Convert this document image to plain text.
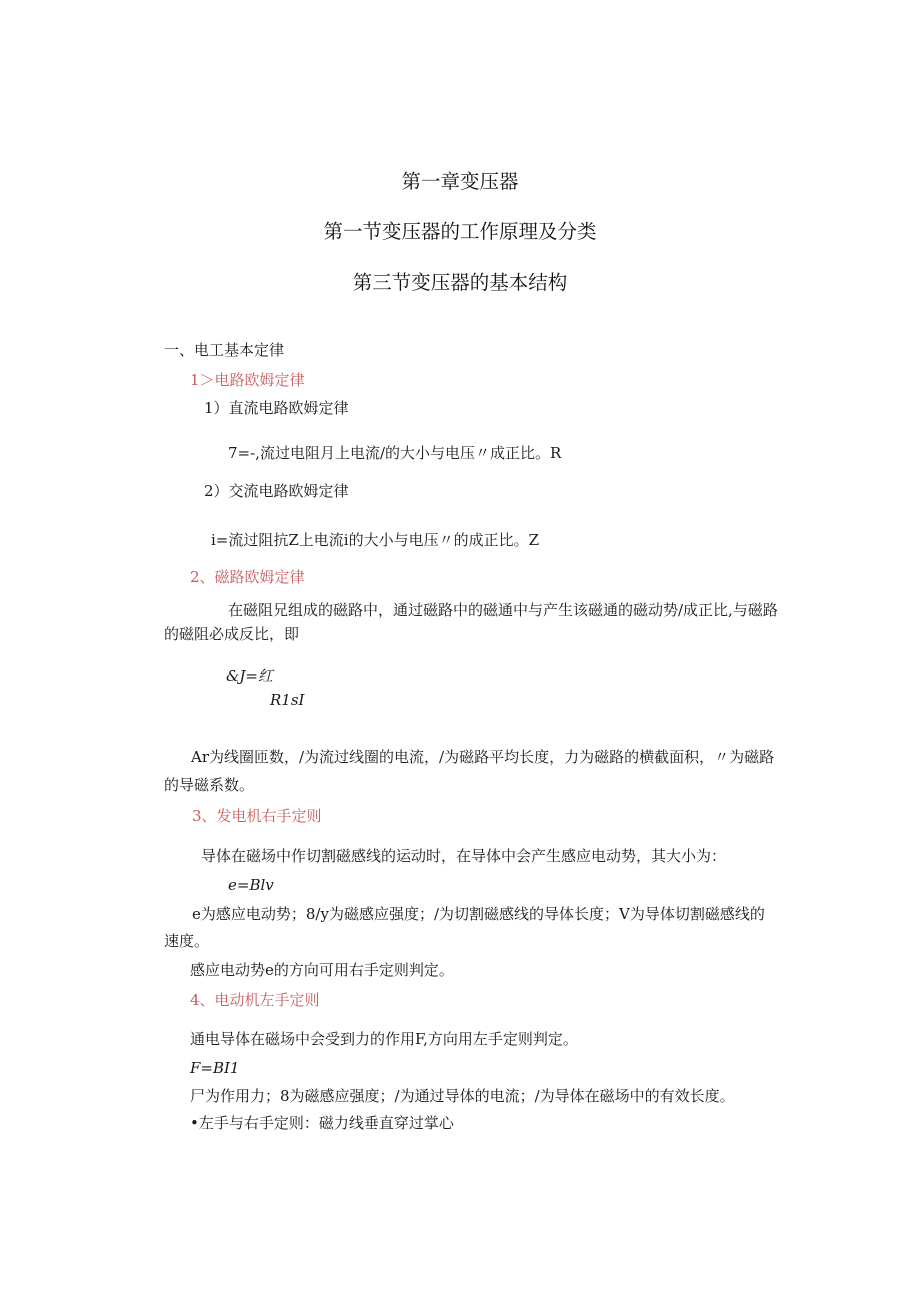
第一章变压器
第一节变压器的工作原理及分类
第三节变压器的基本结构
一、电工基本定律
1＞电路欧姆定律
1）直流电路欧姆定律
7=-,流过电阻月上电流/的大小与电压〃成正比。R
2）交流电路欧姆定律
i=流过阻抗Z上电流i的大小与电压〃的成正比。Z
2、磁路欧姆定律
在磁阻兄组成的磁路中，通过磁路中的磁通中与产生该磁通的磁动势/成正比,与磁路
的磁阻必成反比，即
&J=红
R1sI
Ar为线圈匝数，/为流过线圈的电流，/为磁路平均长度，力为磁路的横截面积，〃为磁路
的导磁系数。
3、发电机右手定则
导体在磁场中作切割磁感线的运动时，在导体中会产生感应电动势，其大小为：
e=Blv
e为感应电动势；8/y为磁感应强度；/为切割磁感线的导体长度；V为导体切割磁感线的
速度。
感应电动势e的方向可用右手定则判定。
4、电动机左手定则
通电导体在磁场中会受到力的作用F,方向用左手定则判定。
F=BI1
尸为作用力；8为磁感应强度；/为通过导体的电流；/为导体在磁场中的有效长度。
•左手与右手定则：磁力线垂直穿过掌心
